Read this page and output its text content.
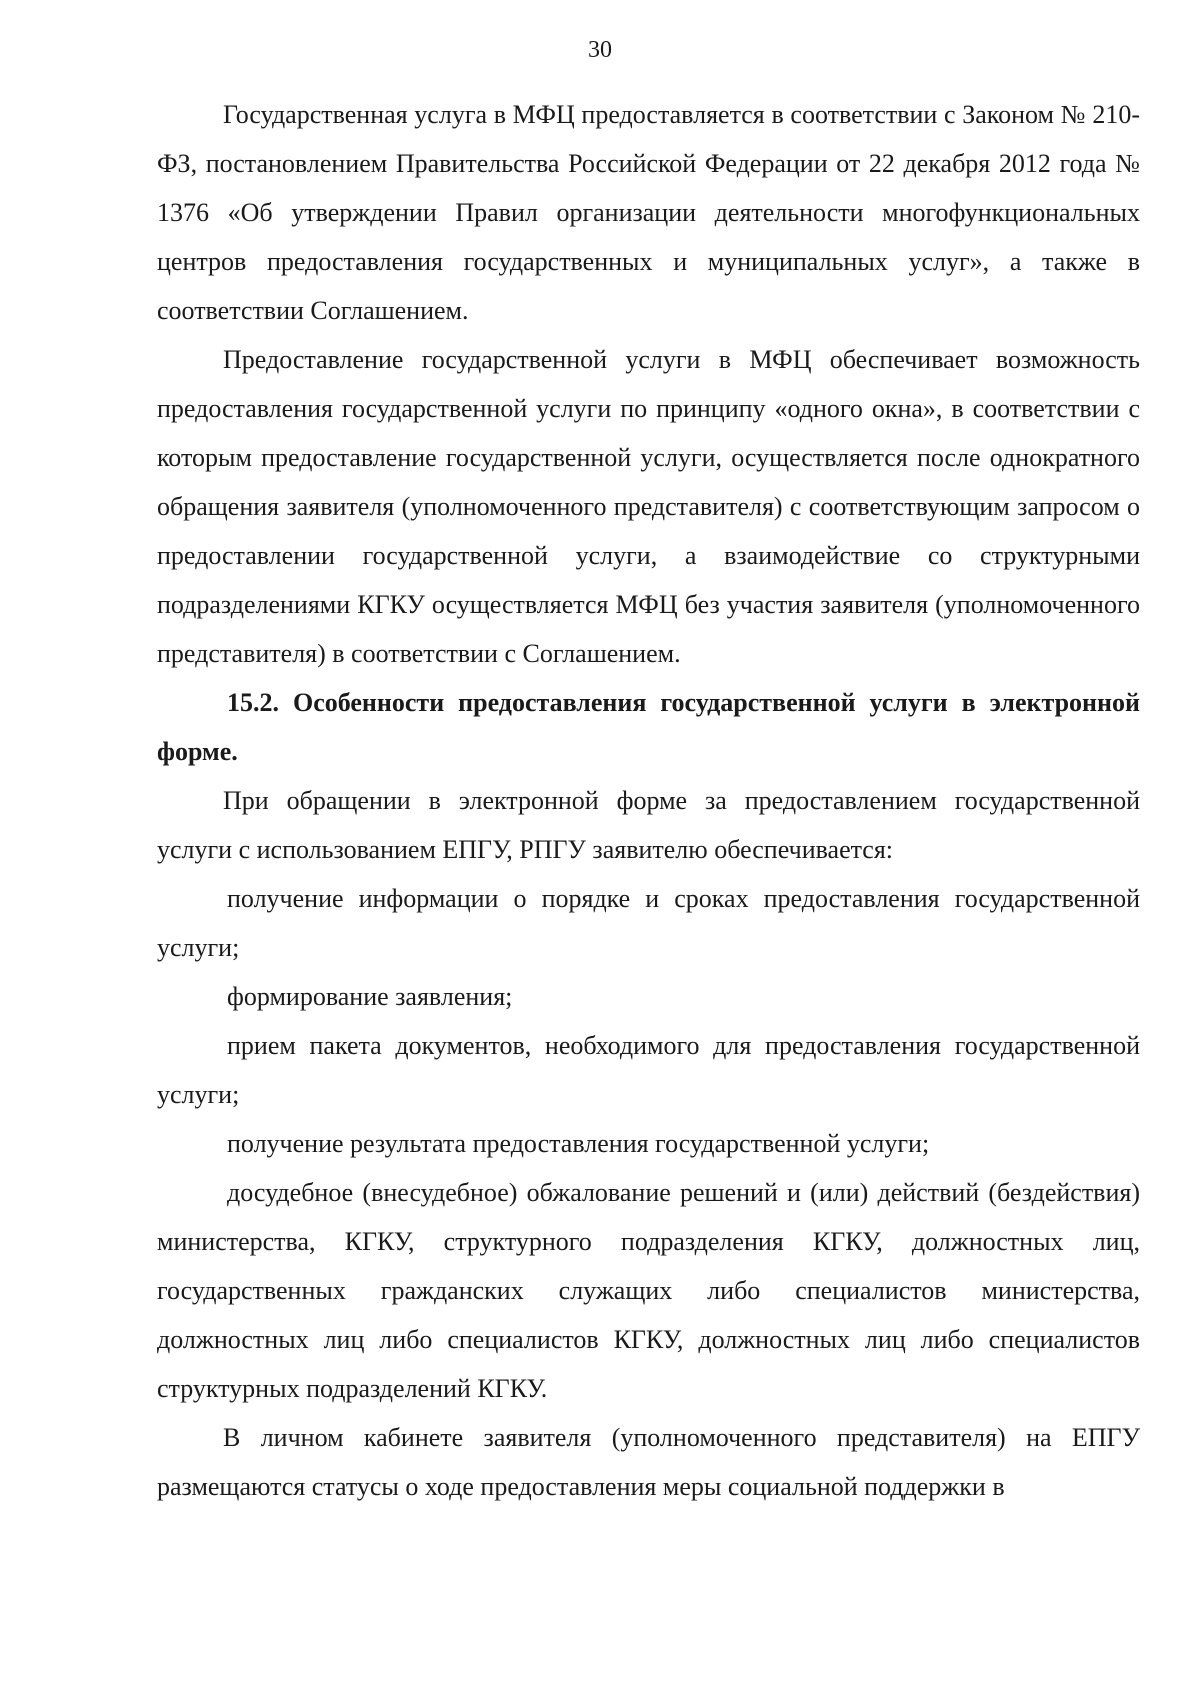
30

Государственная услуга в МФЦ предоставляется в соответствии с Законом № 210-ФЗ, постановлением Правительства Российской Федерации от 22 декабря 2012 года № 1376 «Об утверждении Правил организации деятельности многофункциональных центров предоставления государственных и муниципальных услуг», а также в соответствии Соглашением.

Предоставление государственной услуги в МФЦ обеспечивает возможность предоставления государственной услуги по принципу «одного окна», в соответствии с которым предоставление государственной услуги, осуществляется после однократного обращения заявителя (уполномоченного представителя) с соответствующим запросом о предоставлении государственной услуги, а взаимодействие со структурными подразделениями КГКУ осуществляется МФЦ без участия заявителя (уполномоченного представителя) в соответствии с Соглашением.

15.2. Особенности предоставления государственной услуги в электронной форме.

При обращении в электронной форме за предоставлением государственной услуги с использованием ЕПГУ, РПГУ заявителю обеспечивается:

получение информации о порядке и сроках предоставления государственной услуги;

формирование заявления;

прием пакета документов, необходимого для предоставления государственной услуги;

получение результата предоставления государственной услуги;

досудебное (внесудебное) обжалование решений и (или) действий (бездействия) министерства, КГКУ, структурного подразделения КГКУ, должностных лиц, государственных гражданских служащих либо специалистов министерства, должностных лиц либо специалистов КГКУ, должностных лиц либо специалистов структурных подразделений КГКУ.

В личном кабинете заявителя (уполномоченного представителя) на ЕПГУ размещаются статусы о ходе предоставления меры социальной поддержки в
